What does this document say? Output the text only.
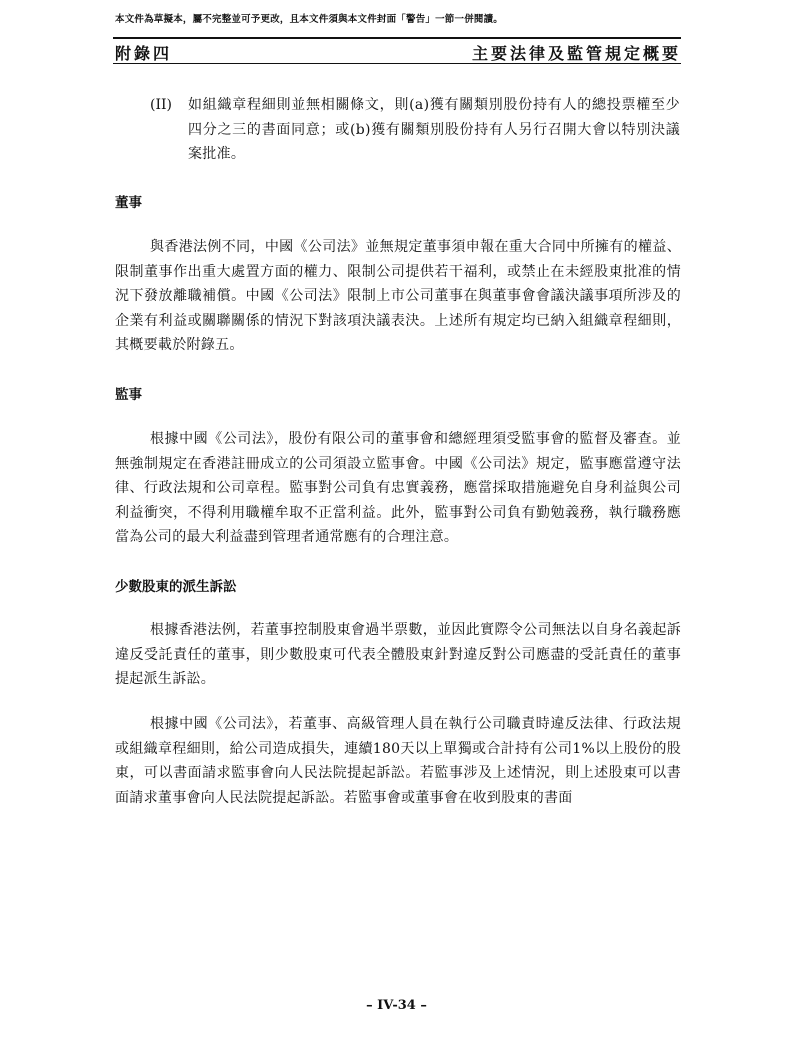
本文件為草擬本，屬不完整並可予更改，且本文件須與本文件封面「警告」一節一併閱讀。
附錄四	主要法律及監管規定概要
(II) 如組織章程細則並無相關條文，則(a)獲有關類別股份持有人的總投票權至少四分之三的書面同意；或(b)獲有關類別股份持有人另行召開大會以特別決議案批准。
董事
與香港法例不同，中國《公司法》並無規定董事須申報在重大合同中所擁有的權益、限制董事作出重大處置方面的權力、限制公司提供若干福利，或禁止在未經股東批准的情況下發放離職補償。中國《公司法》限制上市公司董事在與董事會會議決議事項所涉及的企業有利益或關聯關係的情況下對該項決議表決。上述所有規定均已納入組織章程細則，其概要載於附錄五。
監事
根據中國《公司法》，股份有限公司的董事會和總經理須受監事會的監督及審查。並無強制規定在香港註冊成立的公司須設立監事會。中國《公司法》規定，監事應當遵守法律、行政法規和公司章程。監事對公司負有忠實義務，應當採取措施避免自身利益與公司利益衝突，不得利用職權牟取不正當利益。此外，監事對公司負有勤勉義務，執行職務應當為公司的最大利益盡到管理者通常應有的合理注意。
少數股東的派生訴訟
根據香港法例，若董事控制股東會過半票數，並因此實際令公司無法以自身名義起訴違反受託責任的董事，則少數股東可代表全體股東針對違反對公司應盡的受託責任的董事提起派生訴訟。
根據中國《公司法》，若董事、高級管理人員在執行公司職責時違反法律、行政法規或組織章程細則，給公司造成損失，連續180天以上單獨或合計持有公司1%以上股份的股東，可以書面請求監事會向人民法院提起訴訟。若監事涉及上述情況，則上述股東可以書面請求董事會向人民法院提起訴訟。若監事會或董事會在收到股東的書面
– IV-34 –
